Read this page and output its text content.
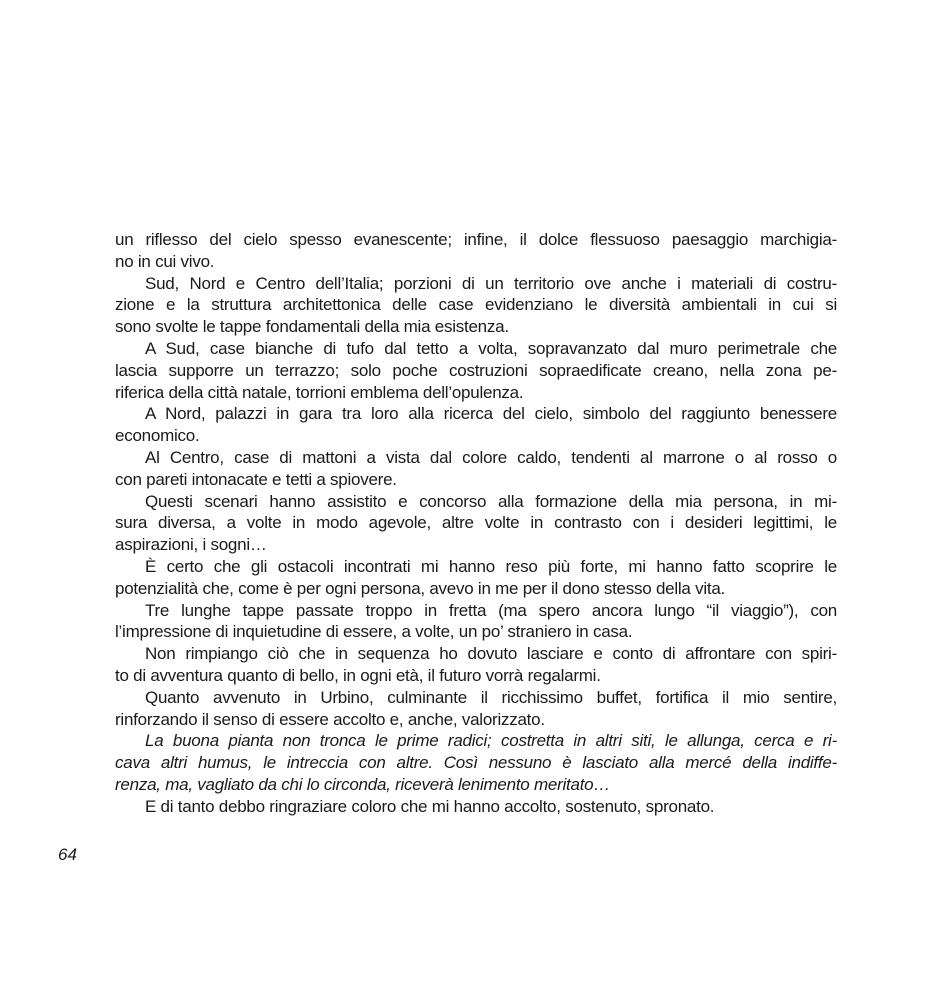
un riflesso del cielo spesso evanescente; infine, il dolce flessuoso paesaggio marchigia-
no in cui vivo.
Sud, Nord e Centro dell’Italia; porzioni di un territorio ove anche i materiali di costru-
zione e la struttura architettonica delle case evidenziano le diversità ambientali in cui si
sono svolte le tappe fondamentali della mia esistenza.
A Sud, case bianche di tufo dal tetto a volta, sopravanzato dal muro perimetrale che
lascia supporre un terrazzo; solo poche costruzioni sopraedificate creano, nella zona pe-
riferica della città natale, torrioni emblema dell’opulenza.
A Nord, palazzi in gara tra loro alla ricerca del cielo, simbolo del raggiunto benessere
economico.
Al Centro, case di mattoni a vista dal colore caldo, tendenti al marrone o al rosso o
con pareti intonacate e tetti a spiovere.
Questi scenari hanno assistito e concorso alla formazione della mia persona, in mi-
sura diversa, a volte in modo agevole, altre volte in contrasto con i desideri legittimi, le
aspirazioni, i sogni…
È certo che gli ostacoli incontrati mi hanno reso più forte, mi hanno fatto scoprire le
potenzialità che, come è per ogni persona, avevo in me per il dono stesso della vita.
Tre lunghe tappe passate troppo in fretta (ma spero ancora lungo “il viaggio”), con
l’impressione di inquietudine di essere, a volte, un po’ straniero in casa.
Non rimpiango ciò che in sequenza ho dovuto lasciare e conto di affrontare con spiri-
to di avventura quanto di bello, in ogni età, il futuro vorrà regalarmi.
Quanto avvenuto in Urbino, culminante il ricchissimo buffet, fortifica il mio sentire,
rinforzando il senso di essere accolto e, anche, valorizzato.
La buona pianta non tronca le prime radici; costretta in altri siti, le allunga, cerca e ri-
cava altri humus, le intreccia con altre. Così nessuno è lasciato alla mercé della indiffe-
renza, ma, vagliato da chi lo circonda, riceverà lenimento meritato…
E di tanto debbo ringraziare coloro che mi hanno accolto, sostenuto, spronato.
64
